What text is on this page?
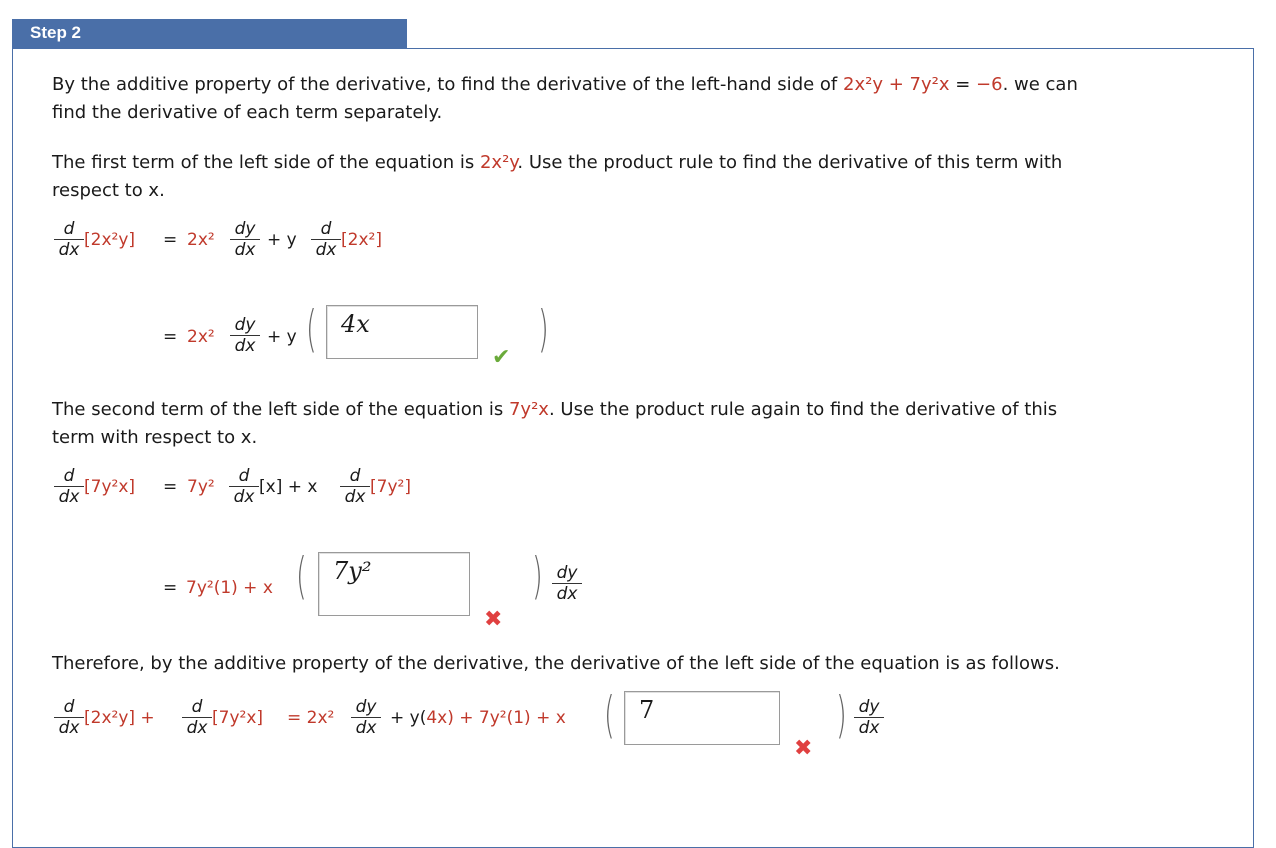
Step 2
By the additive property of the derivative, to find the derivative of the left-hand side of 2x²y + 7y²x = −6. we can
find the derivative of each term separately.
The first term of the left side of the equation is 2x²y. Use the product rule to find the derivative of this term with
respect to x.
d
dx [2x²y] = 2x²
dy
dx + y
d
dx [2x²]
= 2x²
dy
dx + y (	4x
✔ )
The second term of the left side of the equation is 7y²x. Use the product rule again to find the derivative of this
term with respect to x.
d
dx [7y²x] = 7y²
d
dx [x] + x
d
dx [7y²]
= 7y²(1) + x (	7y²
✖
) dy
dx
Therefore, by the additive property of the derivative, the derivative of the left side of the equation is as follows.
d
dx [2x²y] +
d
dx [7y²x] = 2x²
dy
dx + y(4x) + 7y²(1) + x (	7
✖
) dy
dx
